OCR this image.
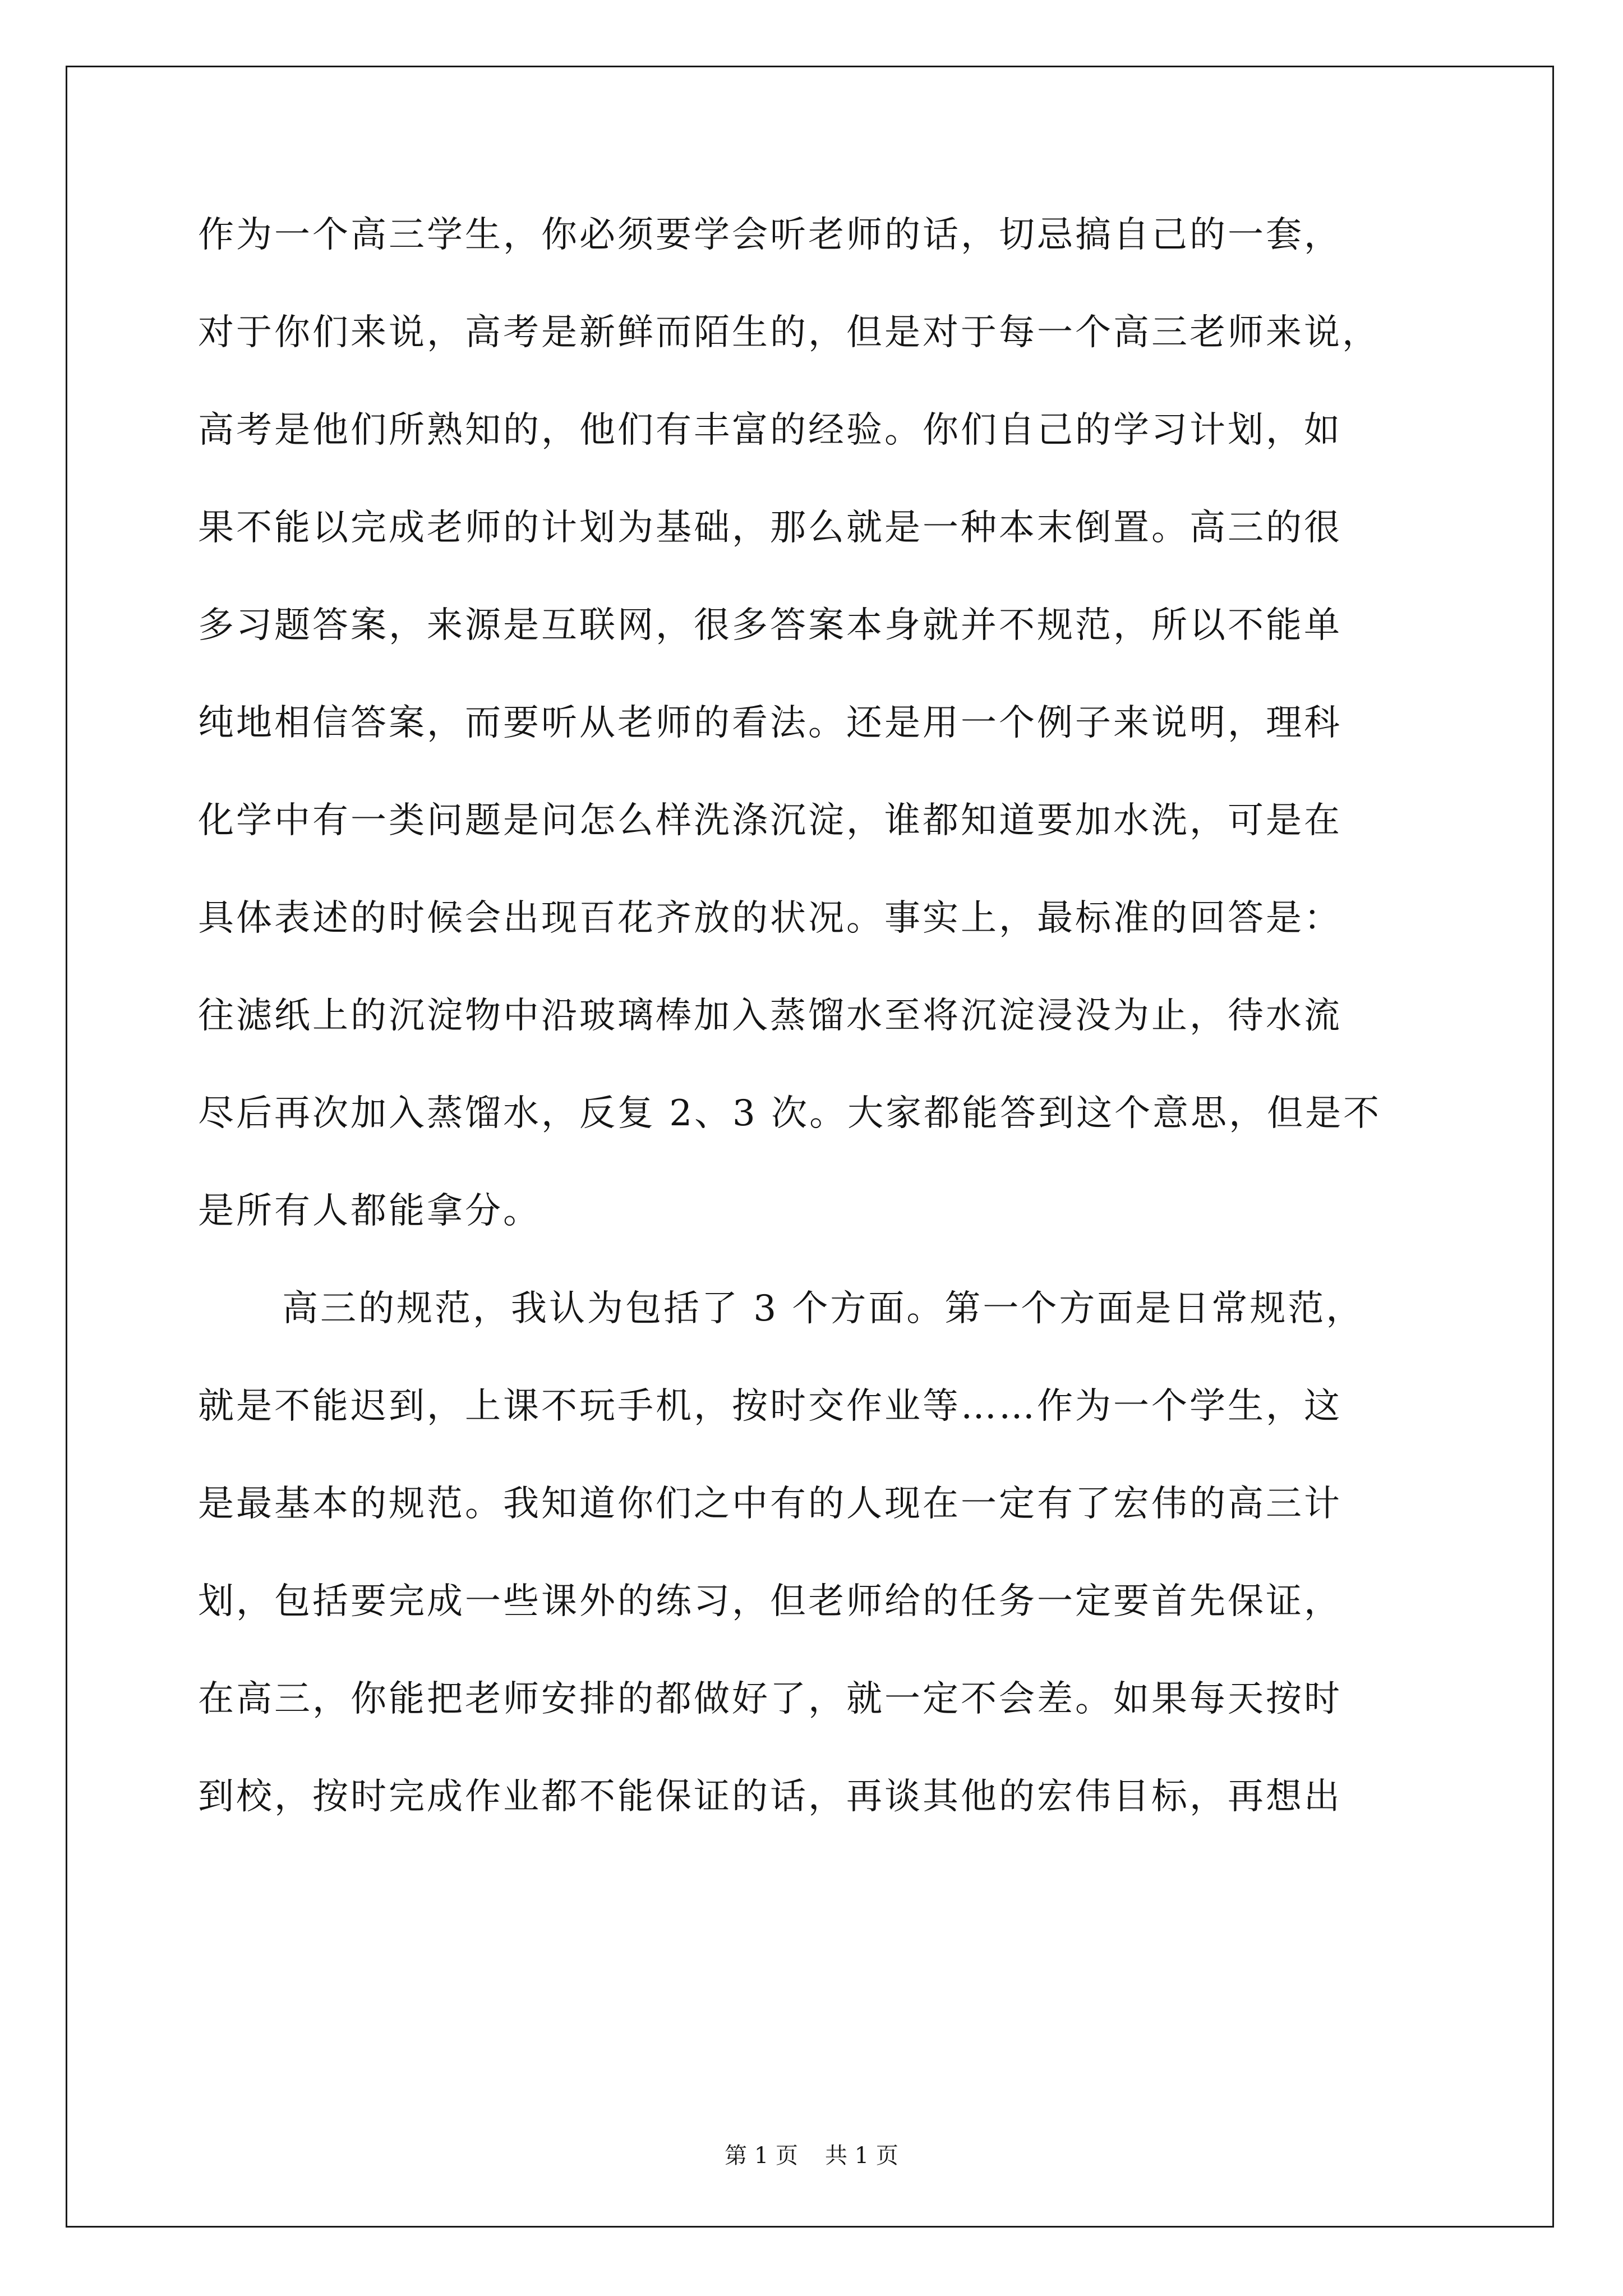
作为一个高三学生，你必须要学会听老师的话，切忌搞自己的一套，
对于你们来说，高考是新鲜而陌生的，但是对于每一个高三老师来说，
高考是他们所熟知的，他们有丰富的经验。你们自己的学习计划，如
果不能以完成老师的计划为基础，那么就是一种本末倒置。高三的很
多习题答案，来源是互联网，很多答案本身就并不规范，所以不能单
纯地相信答案，而要听从老师的看法。还是用一个例子来说明，理科
化学中有一类问题是问怎么样洗涤沉淀，谁都知道要加水洗，可是在
具体表述的时候会出现百花齐放的状况。事实上，最标准的回答是：
往滤纸上的沉淀物中沿玻璃棒加入蒸馏水至将沉淀浸没为止，待水流
尽后再次加入蒸馏水，反复 2、3 次。大家都能答到这个意思，但是不
是所有人都能拿分。
高三的规范，我认为包括了 3 个方面。第一个方面是日常规范，
就是不能迟到，上课不玩手机，按时交作业等……作为一个学生，这
是最基本的规范。我知道你们之中有的人现在一定有了宏伟的高三计
划，包括要完成一些课外的练习，但老师给的任务一定要首先保证，
在高三，你能把老师安排的都做好了，就一定不会差。如果每天按时
到校，按时完成作业都不能保证的话，再谈其他的宏伟目标，再想出
第 1 页 共 1 页
